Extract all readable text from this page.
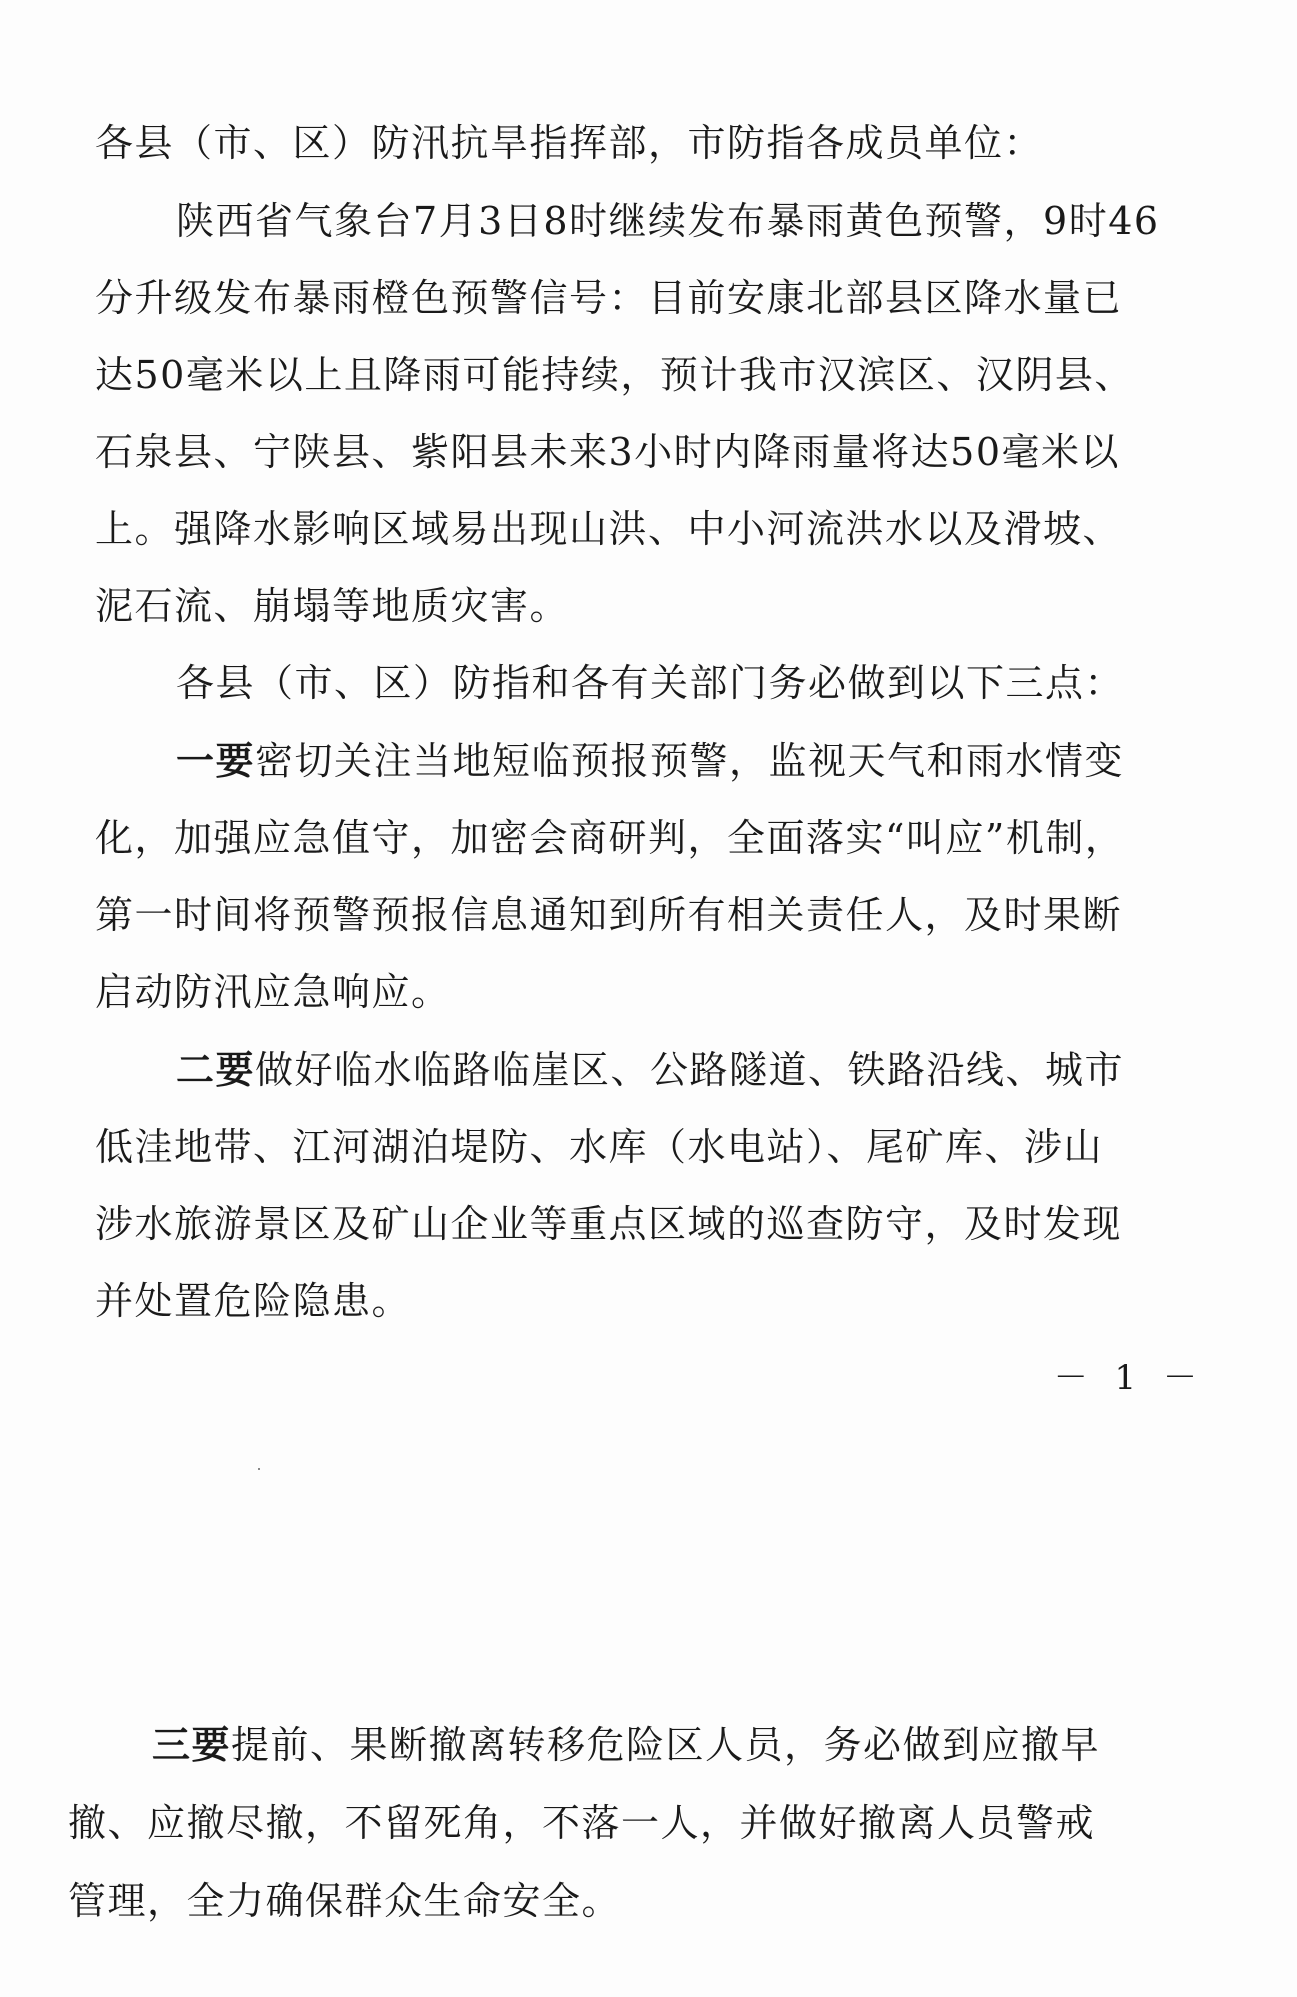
各县（市、区）防汛抗旱指挥部，市防指各成员单位：

陕西省气象台7月3日8时继续发布暴雨黄色预警，9时46

分升级发布暴雨橙色预警信号：目前安康北部县区降水量已

达50毫米以上且降雨可能持续，预计我市汉滨区、汉阴县、

石泉县、宁陕县、紫阳县未来3小时内降雨量将达50毫米以

上。强降水影响区域易出现山洪、中小河流洪水以及滑坡、

泥石流、崩塌等地质灾害。

各县（市、区）防指和各有关部门务必做到以下三点：

一要密切关注当地短临预报预警，监视天气和雨水情变

化，加强应急值守，加密会商研判，全面落实“叫应”机制，

第一时间将预警预报信息通知到所有相关责任人，及时果断

启动防汛应急响应。

二要做好临水临路临崖区、公路隧道、铁路沿线、城市

低洼地带、江河湖泊堤防、水库（水电站）、尾矿库、涉山

涉水旅游景区及矿山企业等重点区域的巡查防守，及时发现

并处置危险隐患。

－ 1 －

三要提前、果断撤离转移危险区人员，务必做到应撤早

撤、应撤尽撤，不留死角，不落一人，并做好撤离人员警戒

管理，全力确保群众生命安全。
